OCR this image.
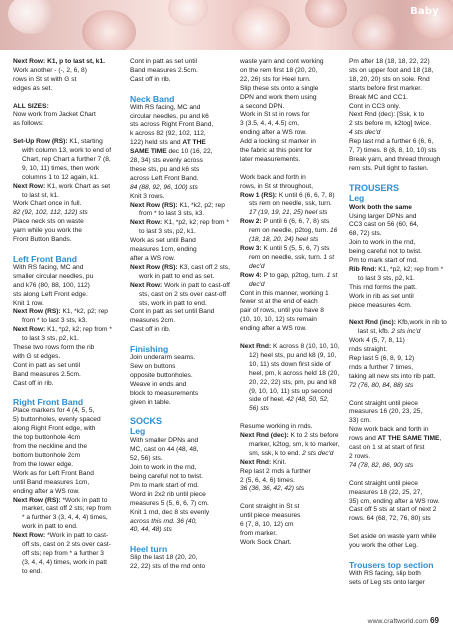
Baby

Next Row: K1, p to last st, k1.
Work another - (-, 2, 6, 8)
rows in St st with G st
edges as set.

ALL SIZES:
Now work from Jacket Chart
as follows:

Set-Up Row (RS): K1, starting with column 13, work to end of Chart, rep Chart a further 7 (8, 9, 10, 11) times, then work columns 1 to 12 again, k1.
Next Row: K1, work Chart as set to last st, k1.

Work Chart once in full.
82 (92, 102, 112, 122) sts
Place neck sts on waste
yarn while you work the
Front Button Bands.

Left Front Band
With RS facing, MC and
smaller circular needles, pu
and k76 (80, 88, 100, 112)
sts along Left Front edge.
Knit 1 row.
Next Row (RS): K1, *k2, p2; rep from * to last 3 sts, k3.
Next Row: K1, *p2, k2; rep from * to last 3 sts, p2, k1.
These two rows form the rib
with G st edges.
Cont in patt as set until
Band measures 2.5cm.

Cast off in rib.

Right Front Band
Place markers for 4 (4, 5, 5,
5) buttonholes, evenly spaced
along Right Front edge, with
the top buttonhole 4cm
from the neckline and the
bottom buttonhole 2cm
from the lower edge.
Work as for Left Front Band
until Band measures 1cm,
ending after a WS row.
Next Row (RS): *Work in patt to marker, cast off 2 sts; rep from * a further 3 (3, 4, 4, 4) times, work in patt to end.
Next Row: *Work in patt to cast-off sts, cast on 2 sts over cast-off sts; rep from * a further 3 (3, 4, 4, 4) times, work in patt to end.
Cont in patt as set until
Band measures 2.5cm.

Cast off in rib.

Neck Band
With RS facing, MC and
circular needles, pu and k6
sts across Right Front Band,
k across 82 (92, 102, 112,
122) held sts and AT THE
SAME TIME dec 10 (16, 22,
28, 34) sts evenly across
these sts, pu and k6 sts
across Left Front Band.
84 (88, 92, 96, 100) sts
Knit 3 rows.
Next Row (RS): K1, *k2, p2; rep from * to last 3 sts, k3.
Next Row: K1, *p2, k2; rep from * to last 3 sts, p2, k1.
Work as set until Band
measures 1cm, ending
after a WS row.
Next Row (RS): K3, cast off 2 sts, work in patt to end as set.
Next Row: Work in patt to cast-off sts, cast on 2 sts over cast-off sts, work in patt to end.
Cont in patt as set until Band
measures 2cm.

Cast off in rib.

Finishing
Join underarm seams.
Sew on buttons
opposite buttonholes.
Weave in ends and
block to measurements

given in table.

SOCKS
Leg
With smaller DPNs and
MC, cast on 44 (48, 48,
52, 56) sts.
Join to work in the rnd,
being careful not to twist.
Pm to mark start of rnd.
Word in 2x2 rib until piece
measures 5 (5, 6, 6, 7) cm.
Knit 1 rnd, dec 8 sts evenly
across this rnd. 36 (40,

40, 44, 48) sts

Heel turn
Slip the last 18 (20, 20,
22, 22) sts of the rnd onto
waste yarn and cont working
on the rem first 18 (20, 20,
22, 26) sts for Heel turn.
Slip these sts onto a single
DPN and work them using
a second DPN.
Work in St st in rows for
3 (3.5, 4, 4, 4.5) cm,
ending after a WS row.
Add a locking st marker in
the fabric at this point for

later measurements.

Work back and forth in
rows, in St st throughout,
Row 1 (RS): K until 6 (6, 6, 7, 8) sts rem on needle, ssk, turn. 17 (19, 19, 21, 25) heel sts
Row 2: P until 6 (6, 6, 7, 8) sts rem on needle, p2tog, turn. 16 (18, 18, 20, 24) heel sts
Row 3: K until 5 (5, 5, 6, 7) sts rem on needle, ssk, turn. 1 st dec'd
Row 4: P to gap, p2tog, turn. 1 st dec'd
Cont in this manner, working 1
fewer st at the end of each
pair of rows, until you have 8
(10, 10, 10, 12) sts remain

ending after a WS row.

Next Rnd: K across 8 (10, 10, 10, 12) heel sts, pu and k8 (9, 10, 10, 11) sts down first side of heel, pm, k across held 18 (20, 20, 22, 22) sts, pm, pu and k8 (9, 10, 10, 11) sts up second side of heel. 42 (48, 50, 52, 56) sts

Resume working in rnds.
Next Rnd (dec): K to 2 sts before marker, k2tog, sm, k to marker, sm, ssk, k to end. 2 sts dec'd
Next Rnd: Knit.
Rep last 2 rnds a further
2 (5, 6, 4, 6) times.

36 (36, 36, 42, 42) sts

Cont straight in St st
until piece measures
6 (7, 8, 10, 12) cm
from marker.
Work Sock Chart.
Pm after 18 (18, 18, 22, 22)
sts on upper foot and 18 (18,
18, 20, 20) sts on sole. Rnd
starts before first marker.
Break MC and CC1.
Cont in CC3 only.
Next Rnd (dec): [Ssk, k to
2 sts before m, k2tog] twice.
4 sts dec'd
Rep last rnd a further 6 (6, 6,
7, 7) times. 8 (8, 8, 10, 10) sts
Break yarn, and thread through

rem sts. Pull tight to fasten.

TROUSERS
Leg
Work both the same
Using larger DPNs and
CC3 cast on 56 (60, 64,
68, 72) sts.
Join to work in the rnd,
being careful not to twist.
Pm to mark start of rnd.
Rib Rnd: K1, *p2, k2; rep from * to last 3 sts, p2, k1.
This rnd forms the patt.
Work in rib as set until

piece measures 4cm.

Next Rnd (inc): Kfb,work in rib to last st, kfb. 2 sts inc'd
Work 4 (5, 7, 8, 11)
rnds straight.
Rep last 5 (6, 8, 9, 12)
rnds a further 7 times,
taking all new sts into rib patt.

72 (76, 80, 84, 88) sts

Cont straight until piece
measures 16 (20, 23, 25,
33) cm.
Now work back and forth in
rows and AT THE SAME TIME,
cast on 1 st at start of first
2 rows.

74 (78, 82, 86, 90) sts

Cont straight until piece
measures 18 (22, 25, 27,
35) cm, ending after a WS row.
Cast off 5 sts at start of next 2

rows. 64 (68, 72, 76, 80) sts

Set aside on waste yarn while

you work the other Leg.

Trousers top section
With RS facing, slip both
sets of Leg sts onto larger
www.craftworld.com 69
